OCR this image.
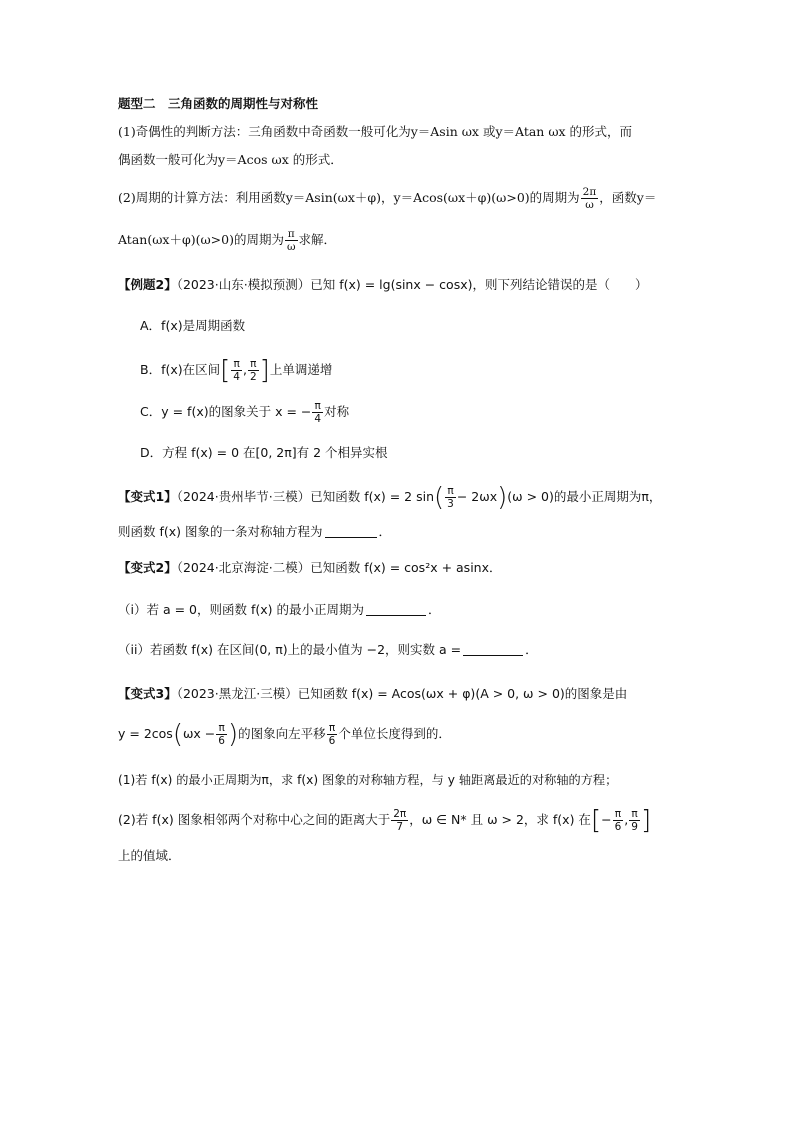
题型二　三角函数的周期性与对称性
(1)奇偶性的判断方法：三角函数中奇函数一般可化为y＝Asin ωx 或y＝Atan ωx 的形式，而
偶函数一般可化为y＝Acos ωx 的形式．
(2)周期的计算方法：利用函数y＝Asin(ωx＋φ)，y＝Acos(ωx＋φ)(ω>0)的周期为 $\frac{2\pi}{\omega}$ ，函数y＝
Atan(ωx＋φ)(ω>0)的周期为 $\frac{\pi}{\omega}$ 求解．
【例题2】（2023·山东·模拟预测）已知 f(x) = lg(sinx − cosx)，则下列结论错误的是（　　）
A．f(x)是周期函数
B．f(x)在区间[ $\frac{\pi}{4}$ , $\frac{\pi}{2}$ ]上单调递增
C．y = f(x)的图象关于 x = − $\frac{\pi}{4}$ 对称
D．方程 f(x) = 0 在[0, 2π]有 2 个相异实根
【变式1】（2024·贵州毕节·三模）已知函数 f(x) = 2 $\sin( \frac{\pi}{3} - 2\omega x)(\omega > 0)$的最小正周期为π，
则函数 f(x) 图象的一条对称轴方程为	．
【变式2】（2024·北京海淀·二模）已知函数 f(x) = cos²x + asinx．
（i）若 a = 0，则函数 f(x) 的最小正周期为	．
（ii）若函数 f(x) 在区间(0, π)上的最小值为 −2，则实数 a =	．
【变式3】（2023·黑龙江·三模）已知函数 f(x) = Acos(ωx + φ)(A > 0, ω > 0)的图象是由
$y = 2\cos(\omega x - \frac{\pi}{6}$ )的图象向左平移 $\frac{\pi}{6}$ 个单位长度得到的．
(1)若 f(x) 的最小正周期为π，求 f(x) 图象的对称轴方程，与 y 轴距离最近的对称轴的方程；
(2)若 f(x) 图象相邻两个对称中心之间的距离大于 $\frac{2\pi}{7}$ ，ω ∈ N* 且 ω > 2，求 f(x) 在[− $\frac{\pi}{6}$ , $\frac{\pi}{9}$ ]
上的值域．
